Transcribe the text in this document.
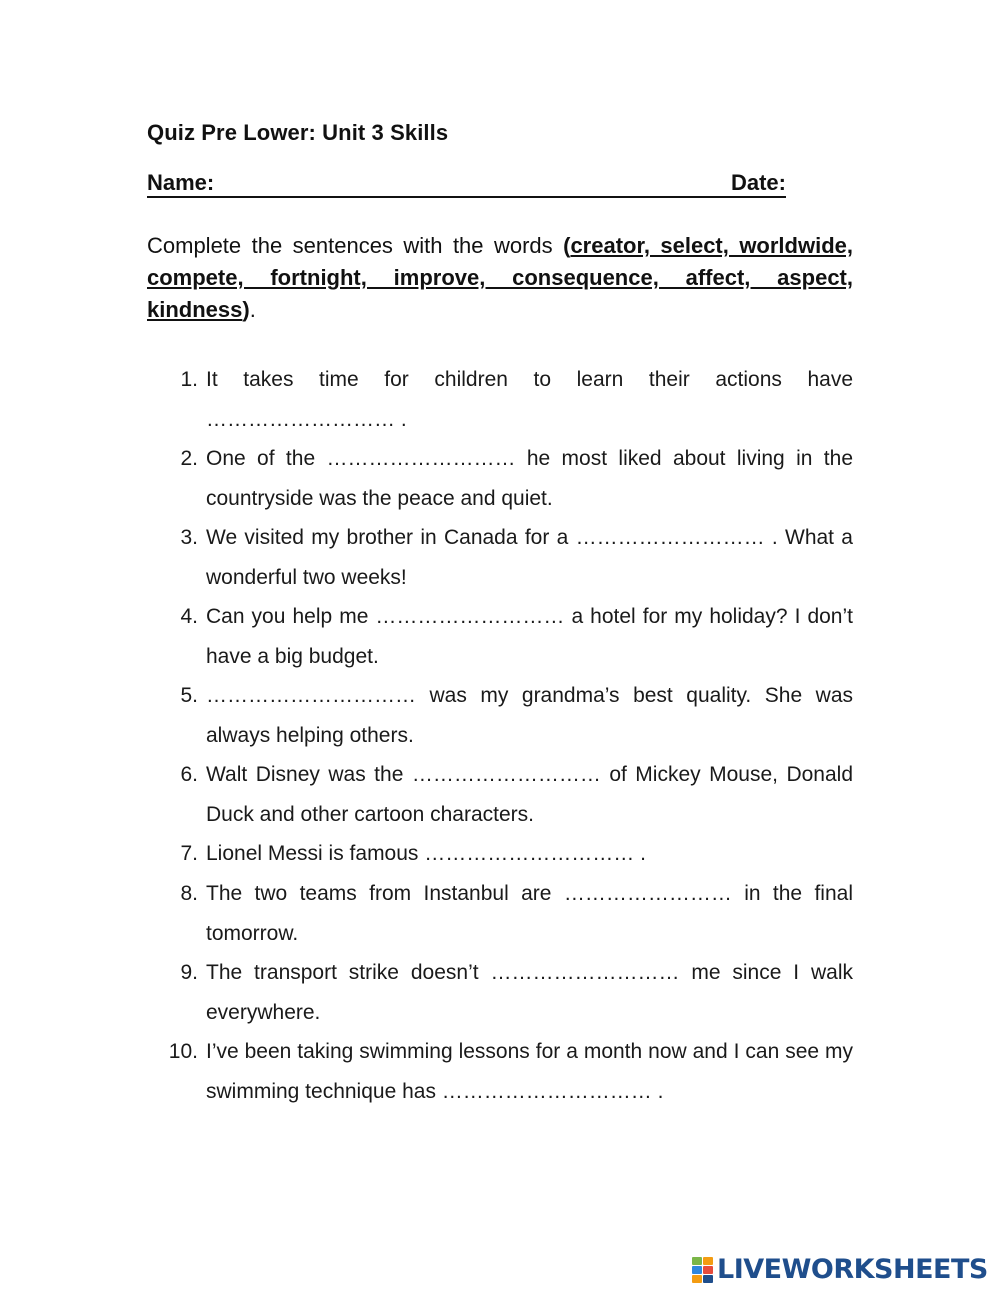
Quiz Pre Lower: Unit 3 Skills
Name:	Date:
Complete the sentences with the words (creator, select, worldwide, compete, fortnight, improve, consequence, affect, aspect, kindness).
1. It takes time for children to learn their actions have ……………………… .
2. One of the ……………………… he most liked about living in the countryside was the peace and quiet.
3. We visited my brother in Canada for a ……………………… . What a wonderful two weeks!
4. Can you help me ……………………… a hotel for my holiday? I don’t have a big budget.
5. ………………………… was my grandma’s best quality. She was always helping others.
6. Walt Disney was the ……………………… of Mickey Mouse, Donald Duck and other cartoon characters.
7. Lionel Messi is famous ………………………… .
8. The two teams from Instanbul are …………………… in the final tomorrow.
9. The transport strike doesn’t ……………………… me since I walk everywhere.
10. I’ve been taking swimming lessons for a month now and I can see my swimming technique has ………………………… .
LIVEWORKSHEETS
